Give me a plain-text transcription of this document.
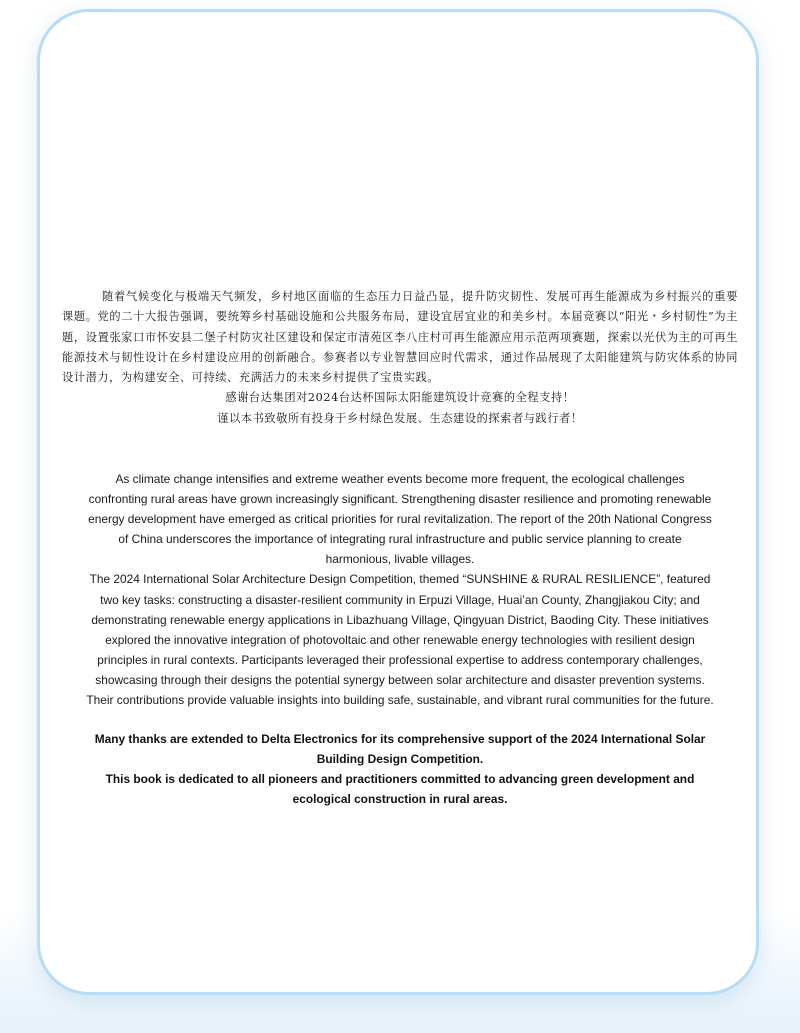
随着气候变化与极端天气频发，乡村地区面临的生态压力日益凸显，提升防灾韧性、发展可再生能源成为乡村振兴的重要课题。党的二十大报告强调，要统筹乡村基础设施和公共服务布局，建设宜居宜业的和美乡村。本届竞赛以“阳光・乡村韧性”为主题，设置张家口市怀安县二堡子村防灾社区建设和保定市清苑区李八庄村可再生能源应用示范两项赛题，探索以光伏为主的可再生能源技术与韧性设计在乡村建设应用的创新融合。参赛者以专业智慧回应时代需求，通过作品展现了太阳能建筑与防灾体系的协同设计潜力，为构建安全、可持续、充满活力的未来乡村提供了宝贵实践。

感谢台达集团对2024台达杯国际太阳能建筑设计竞赛的全程支持！

谨以本书致敬所有投身于乡村绿色发展、生态建设的探索者与践行者！

As climate change intensifies and extreme weather events become more frequent, the ecological challenges confronting rural areas have grown increasingly significant. Strengthening disaster resilience and promoting renewable energy development have emerged as critical priorities for rural revitalization. The report of the 20th National Congress of China underscores the importance of integrating rural infrastructure and public service planning to create harmonious, livable villages.

The 2024 International Solar Architecture Design Competition, themed “SUNSHINE & RURAL RESILIENCE”, featured two key tasks: constructing a disaster-resilient community in Erpuzi Village, Huai’an County, Zhangjiakou City; and demonstrating renewable energy applications in Libazhuang Village, Qingyuan District, Baoding City. These initiatives explored the innovative integration of photovoltaic and other renewable energy technologies with resilient design principles in rural contexts. Participants leveraged their professional expertise to address contemporary challenges, showcasing through their designs the potential synergy between solar architecture and disaster prevention systems. Their contributions provide valuable insights into building safe, sustainable, and vibrant rural communities for the future.

Many thanks are extended to Delta Electronics for its comprehensive support of the 2024 International Solar Building Design Competition.

This book is dedicated to all pioneers and practitioners committed to advancing green development and ecological construction in rural areas.
